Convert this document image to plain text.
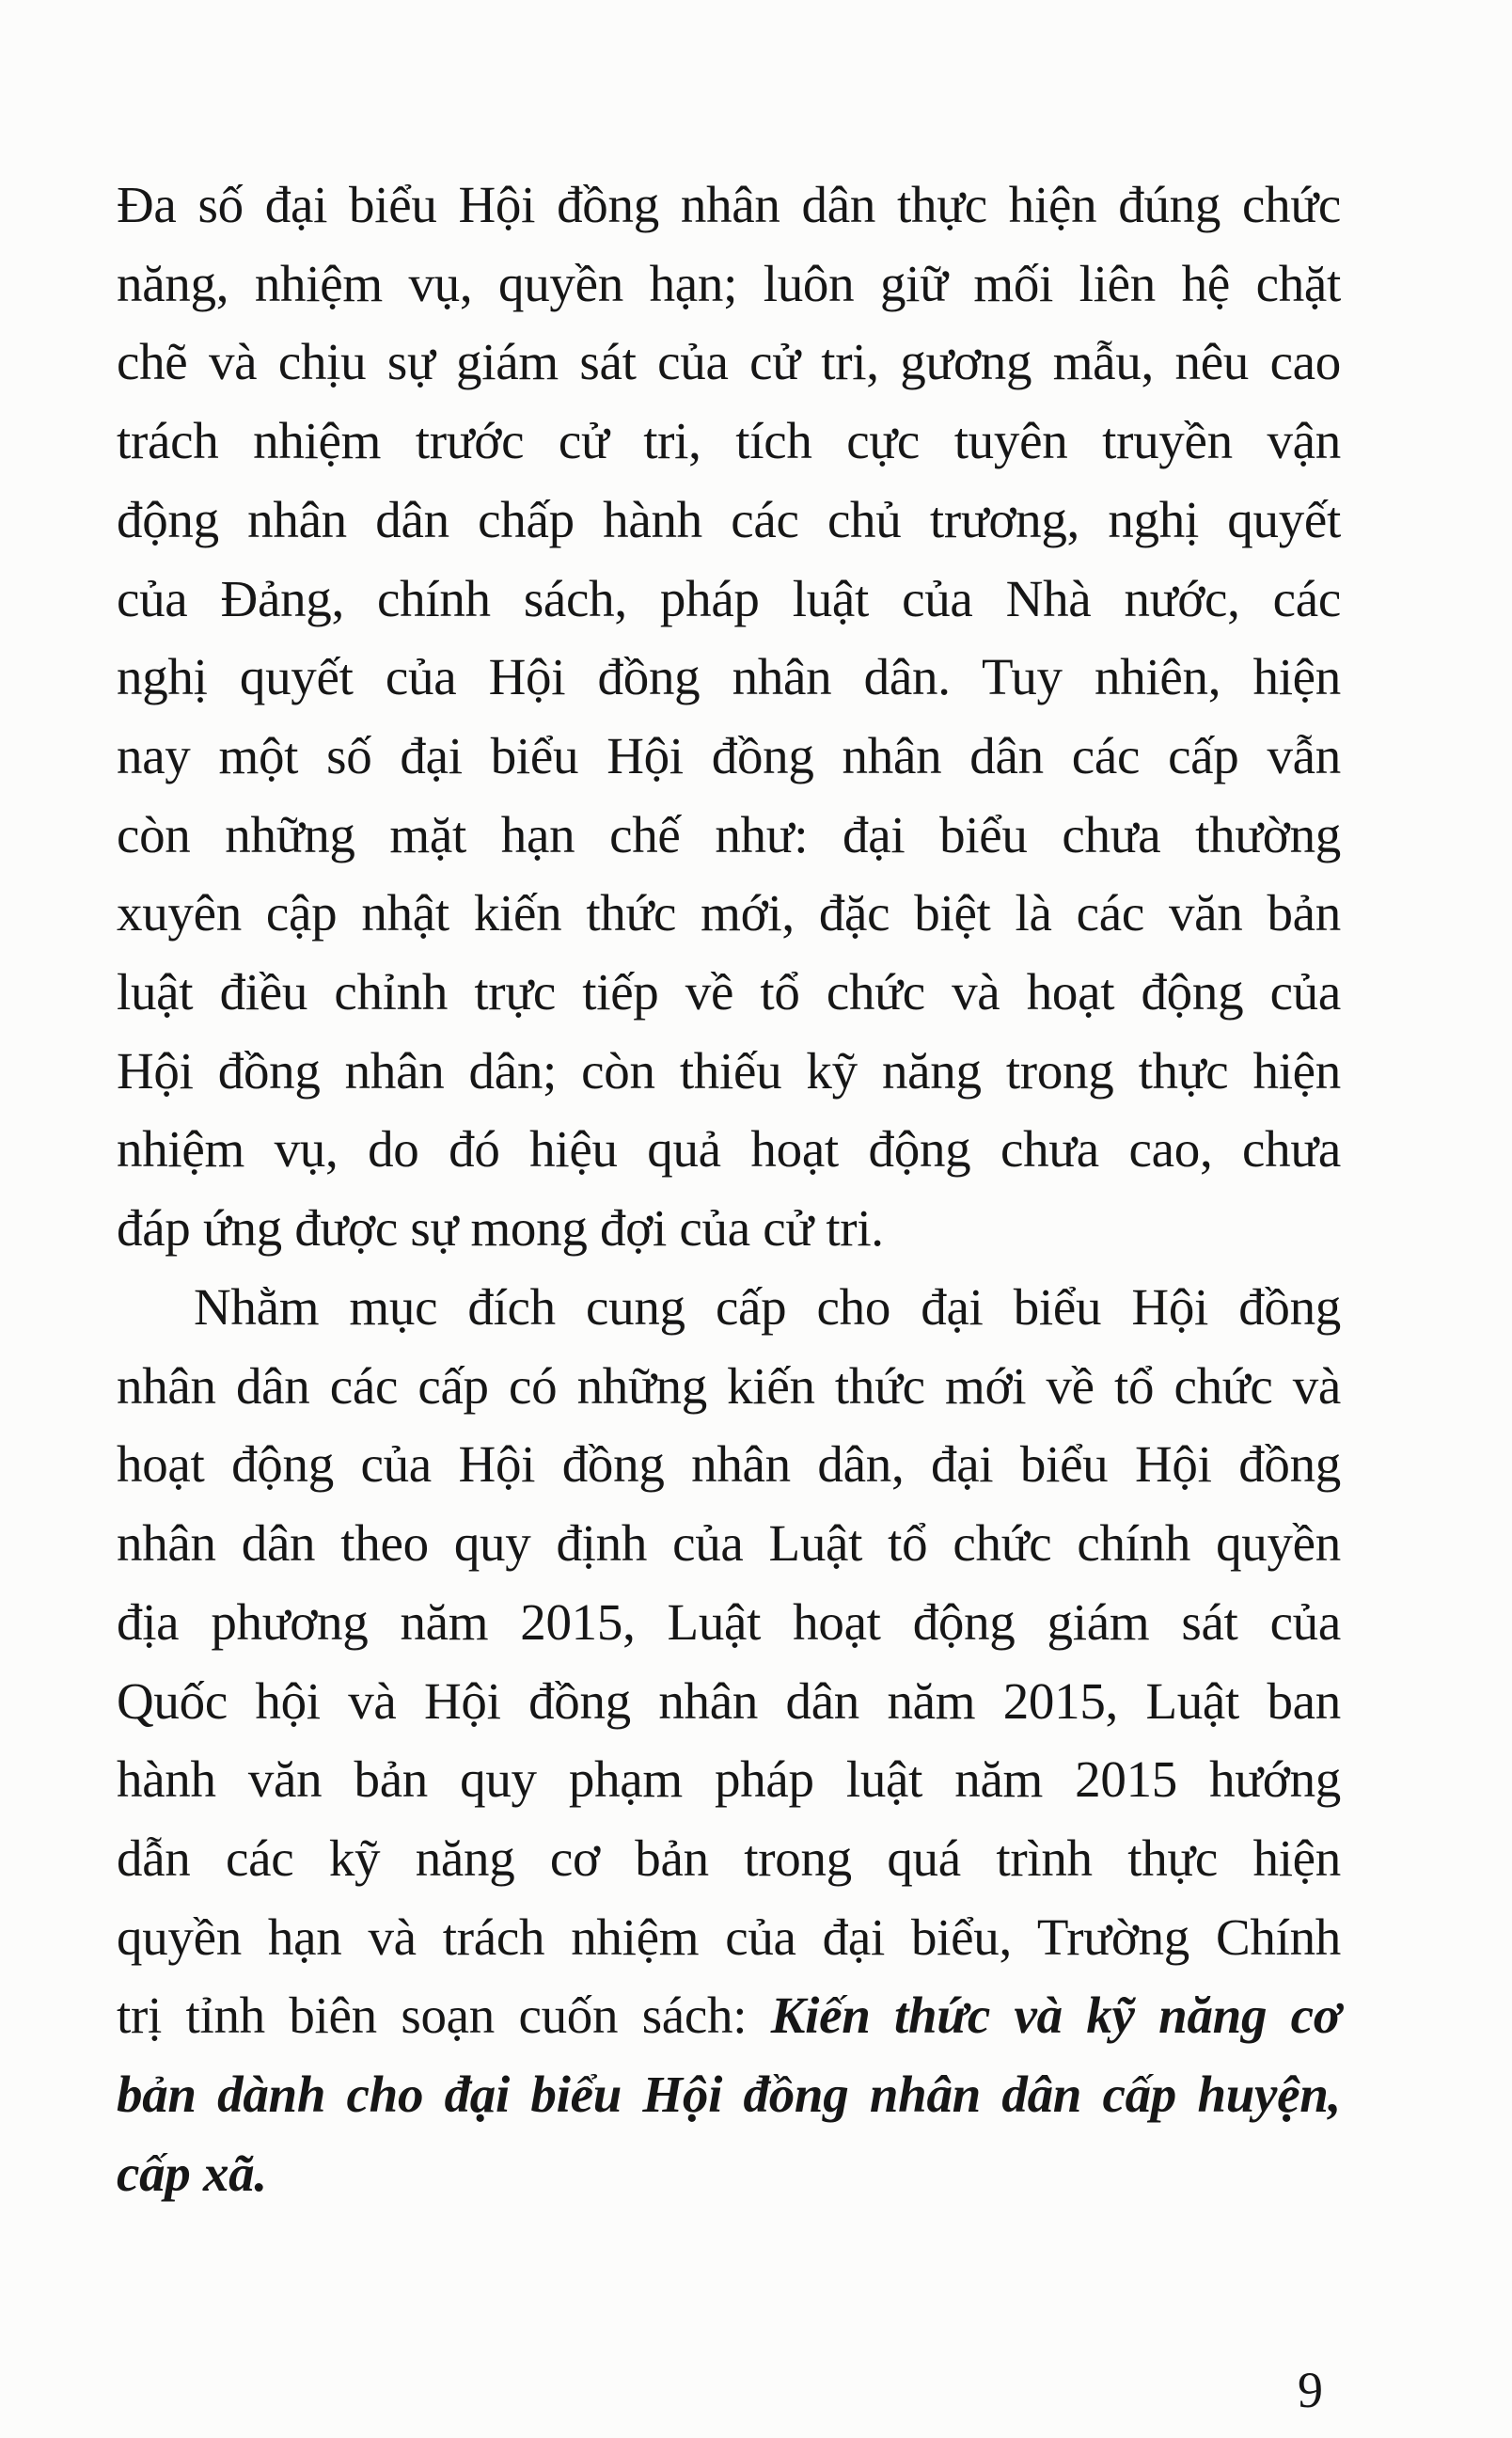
Đa số đại biểu Hội đồng nhân dân thực hiện đúng chức
năng, nhiệm vụ, quyền hạn; luôn giữ mối liên hệ chặt
chẽ và chịu sự giám sát của cử tri, gương mẫu, nêu cao
trách nhiệm trước cử tri, tích cực tuyên truyền vận
động nhân dân chấp hành các chủ trương, nghị quyết
của Đảng, chính sách, pháp luật của Nhà nước, các
nghị quyết của Hội đồng nhân dân. Tuy nhiên, hiện
nay một số đại biểu Hội đồng nhân dân các cấp vẫn
còn những mặt hạn chế như: đại biểu chưa thường
xuyên cập nhật kiến thức mới, đặc biệt là các văn bản
luật điều chỉnh trực tiếp về tổ chức và hoạt động của
Hội đồng nhân dân; còn thiếu kỹ năng trong thực hiện
nhiệm vụ, do đó hiệu quả hoạt động chưa cao, chưa
đáp ứng được sự mong đợi của cử tri.
Nhằm mục đích cung cấp cho đại biểu Hội đồng
nhân dân các cấp có những kiến thức mới về tổ chức và
hoạt động của Hội đồng nhân dân, đại biểu Hội đồng
nhân dân theo quy định của Luật tổ chức chính quyền
địa phương năm 2015, Luật hoạt động giám sát của
Quốc hội và Hội đồng nhân dân năm 2015, Luật ban
hành văn bản quy phạm pháp luật năm 2015 hướng
dẫn các kỹ năng cơ bản trong quá trình thực hiện
quyền hạn và trách nhiệm của đại biểu, Trường Chính
trị tỉnh biên soạn cuốn sách: Kiến thức và kỹ năng cơ
bản dành cho đại biểu Hội đồng nhân dân cấp huyện,
cấp xã.
9
